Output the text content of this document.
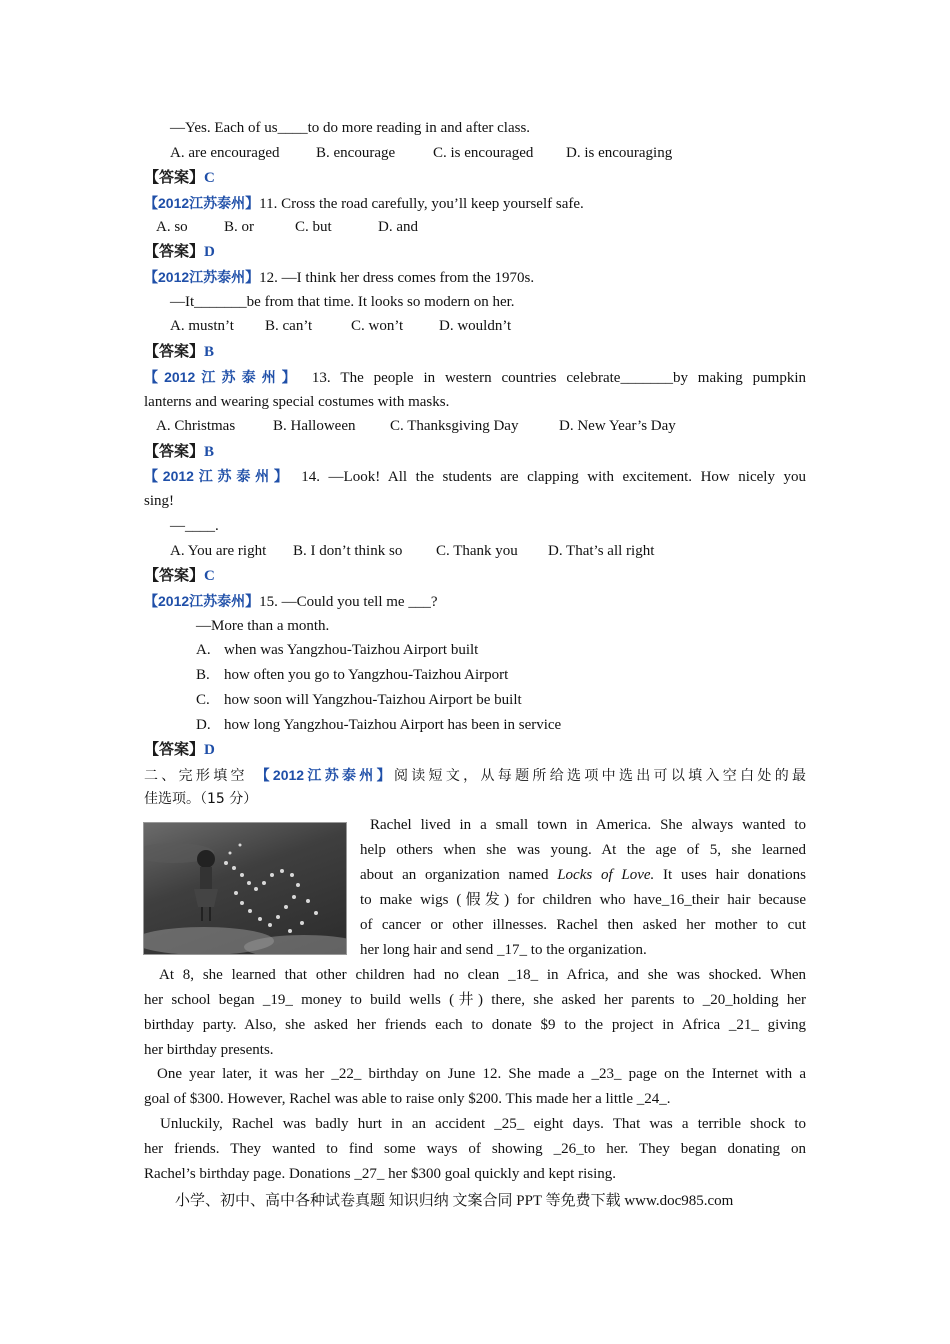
—Yes. Each of us____to do more reading in and after class.
A. are encouraged B. encourage	C. is encouraged D. is encouraging
【答案】C
【2012江苏泰州】11. Cross the road carefully, you’ll keep yourself safe.
A. so B. or	C. but	D. and
【答案】D
【2012江苏泰州】12. —I think her dress comes from the 1970s.
—It_______be from that time. It looks so modern on her.
A. mustn’t B. can’t	C. won’t D. wouldn’t
【答案】B
【2012江苏泰州】 13. The people in western countries celebrate_______by making pumpkin
lanterns and wearing special costumes with masks.
A. Christmas	B. Halloween C. Thanksgiving Day	D. New Year’s Day
【答案】B
【2012江苏泰州】 14. —Look! All the students are clapping with excitement. How nicely you
sing!
—____.
A. You are right B. I don’t think so C. Thank you D. That’s all right
【答案】C
【2012江苏泰州】15. —Could you tell me ___?
—More than a month.
A. when was Yangzhou-Taizhou Airport built
B. how often you go to Yangzhou-Taizhou Airport
C. how soon will Yangzhou-Taizhou Airport be built
D. how long Yangzhou-Taizhou Airport has been in service
【答案】D
二、完形填空 【2012江苏泰州】阅读短文，从每题所给选项中选出可以填入空白处的最
佳选项。（15 分）
Rachel lived in a small town in America. She always wanted to
help others when she was young. At the age of 5, she learned
about an organization named Locks of Love. It uses hair donations
to make wigs (假发) for children who have_16_their hair because
of cancer or other illnesses. Rachel then asked her mother to cut
her long hair and send _17_ to the organization.
At 8, she learned that other children had no clean _18_ in Africa, and she was shocked. When
her school began _19_ money to build wells (井) there, she asked her parents to _20_holding her
birthday party. Also, she asked her friends each to donate $9 to the project in Africa _21_ giving
her birthday presents.
One year later, it was her _22_ birthday on June 12. She made a _23_ page on the Internet with a
goal of $300. However, Rachel was able to raise only $200. This made her a little _24_.
Unluckily, Rachel was badly hurt in an accident _25_ eight days. That was a terrible shock to
her friends. They wanted to find some ways of showing _26_to her. They began donating on
Rachel’s birthday page. Donations _27_ her $300 goal quickly and kept rising.
小学、初中、高中各种试卷真题 知识归纳 文案合同 PPT 等免费下载 www.doc985.com
